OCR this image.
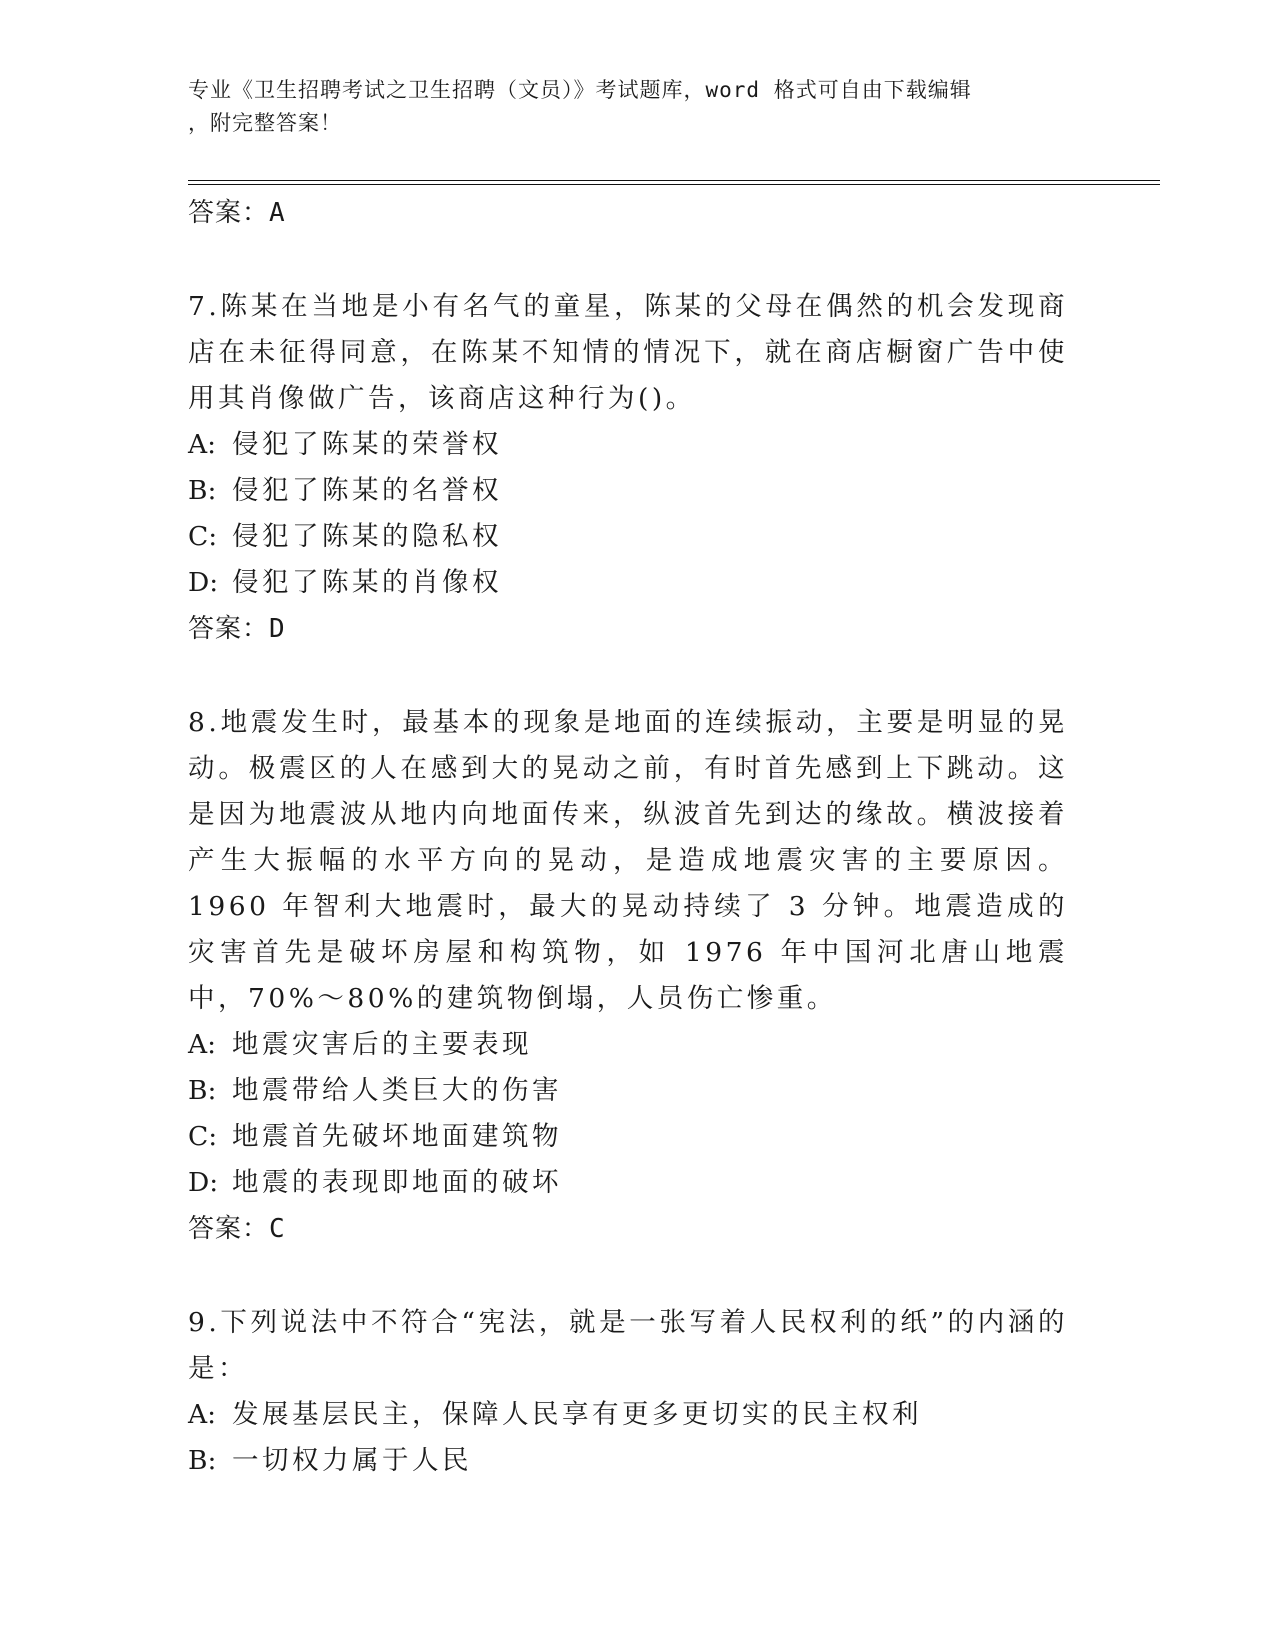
专业《卫生招聘考试之卫生招聘（文员）》考试题库，word 格式可自由下载编辑
，附完整答案！
答案：A

7.陈某在当地是小有名气的童星，陈某的父母在偶然的机会发现商店在未征得同意，在陈某不知情的情况下，就在商店橱窗广告中使用其肖像做广告，该商店这种行为()。

A: 侵犯了陈某的荣誉权
B: 侵犯了陈某的名誉权
C: 侵犯了陈某的隐私权
D: 侵犯了陈某的肖像权
答案：D

8.地震发生时，最基本的现象是地面的连续振动，主要是明显的晃动。极震区的人在感到大的晃动之前，有时首先感到上下跳动。这是因为地震波从地内向地面传来，纵波首先到达的缘故。横波接着产生大振幅的水平方向的晃动，是造成地震灾害的主要原因。1960 年智利大地震时，最大的晃动持续了 3 分钟。地震造成的灾害首先是破坏房屋和构筑物，如 1976 年中国河北唐山地震中，70%～80%的建筑物倒塌，人员伤亡惨重。

A: 地震灾害后的主要表现
B: 地震带给人类巨大的伤害
C: 地震首先破坏地面建筑物
D: 地震的表现即地面的破坏
答案：C

9.下列说法中不符合“宪法，就是一张写着人民权利的纸”的内涵的是：

A: 发展基层民主，保障人民享有更多更切实的民主权利
B: 一切权力属于人民
